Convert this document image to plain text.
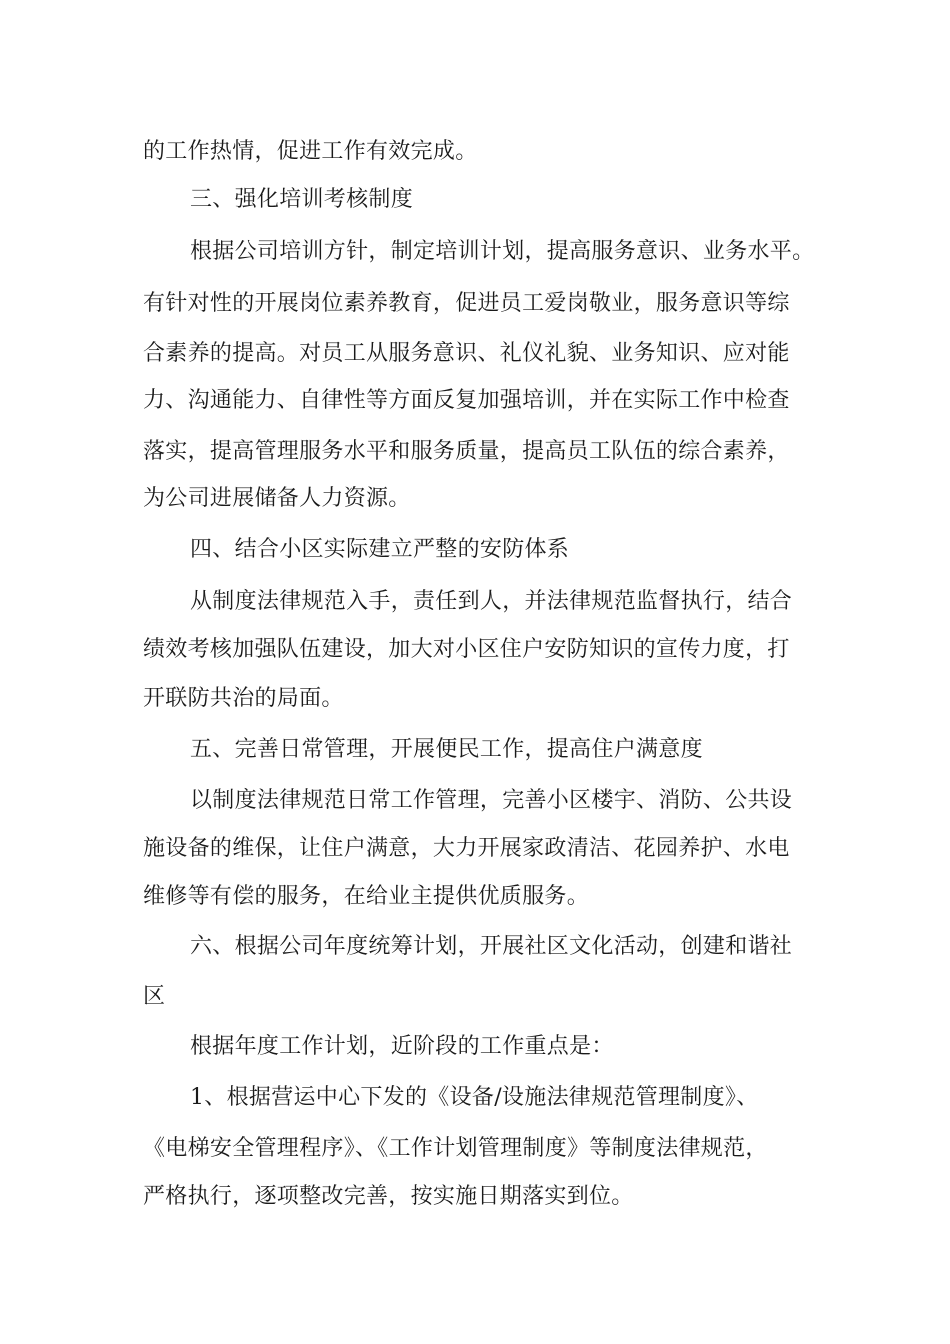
的工作热情，促进工作有效完成。
三、强化培训考核制度
根据公司培训方针，制定培训计划，提高服务意识、业务水平。
有针对性的开展岗位素养教育，促进员工爱岗敬业，服务意识等综
合素养的提高。对员工从服务意识、礼仪礼貌、业务知识、应对能
力、沟通能力、自律性等方面反复加强培训，并在实际工作中检查
落实，提高管理服务水平和服务质量，提高员工队伍的综合素养，
为公司进展储备人力资源。
四、结合小区实际建立严整的安防体系
从制度法律规范入手，责任到人，并法律规范监督执行，结合
绩效考核加强队伍建设，加大对小区住户安防知识的宣传力度，打
开联防共治的局面。
五、完善日常管理，开展便民工作，提高住户满意度
以制度法律规范日常工作管理，完善小区楼宇、消防、公共设
施设备的维保，让住户满意，大力开展家政清洁、花园养护、水电
维修等有偿的服务，在给业主提供优质服务。
六、根据公司年度统筹计划，开展社区文化活动，创建和谐社
区
根据年度工作计划，近阶段的工作重点是：
1、根据营运中心下发的《设备/设施法律规范管理制度》、
《电梯安全管理程序》、《工作计划管理制度》等制度法律规范，
严格执行，逐项整改完善，按实施日期落实到位。
